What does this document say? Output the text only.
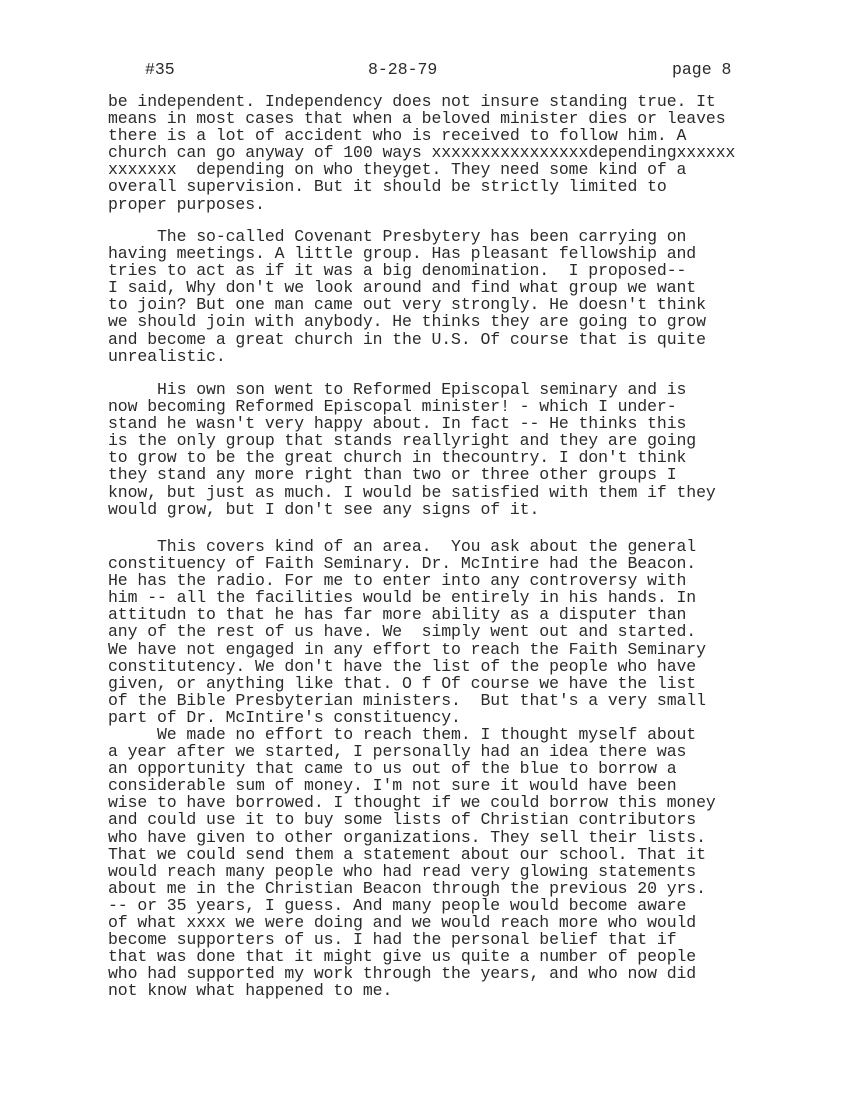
#35	8-28-79	page 8

be independent. Independency does not insure standing true. It
means in most cases that when a beloved minister dies or leaves
there is a lot of accident who is received to follow him. A
church can go anyway of 100 ways xxxxxxxxxxxxxxxxdependingxxxxxx
xxxxxxx  depending on who theyget. They need some kind of a
overall supervision. But it should be strictly limited to
proper purposes.

The so-called Covenant Presbytery has been carrying on
having meetings. A little group. Has pleasant fellowship and
tries to act as if it was a big denomination.  I proposed--
I said, Why don't we look around and find what group we want
to join? But one man came out very strongly. He doesn't think
we should join with anybody. He thinks they are going to grow
and become a great church in the U.S. Of course that is quite
unrealistic.

His own son went to Reformed Episcopal seminary and is
now becoming Reformed Episcopal minister! - which I under-
stand he wasn't very happy about. In fact -- He thinks this
is the only group that stands reallyright and they are going
to grow to be the great church in thecountry. I don't think
they stand any more right than two or three other groups I
know, but just as much. I would be satisfied with them if they
would grow, but I don't see any signs of it.

This covers kind of an area.  You ask about the general
constituency of Faith Seminary. Dr. McIntire had the Beacon.
He has the radio. For me to enter into any controversy with
him -- all the facilities would be entirely in his hands. In
attitudn to that he has far more ability as a disputer than
any of the rest of us have. We  simply went out and started.
We have not engaged in any effort to reach the Faith Seminary
constitutency. We don't have the list of the people who have
given, or anything like that. O f Of course we have the list
of the Bible Presbyterian ministers.  But that's a very small
part of Dr. McIntire's constituency.

We made no effort to reach them. I thought myself about
a year after we started, I personally had an idea there was
an opportunity that came to us out of the blue to borrow a
considerable sum of money. I'm not sure it would have been
wise to have borrowed. I thought if we could borrow this money
and could use it to buy some lists of Christian contributors
who have given to other organizations. They sell their lists.
That we could send them a statement about our school. That it
would reach many people who had read very glowing statements
about me in the Christian Beacon through the previous 20 yrs.
-- or 35 years, I guess. And many people would become aware
of what xxxx we were doing and we would reach more who would
become supporters of us. I had the personal belief that if
that was done that it might give us quite a number of people
who had supported my work through the years, and who now did
not know what happened to me.
